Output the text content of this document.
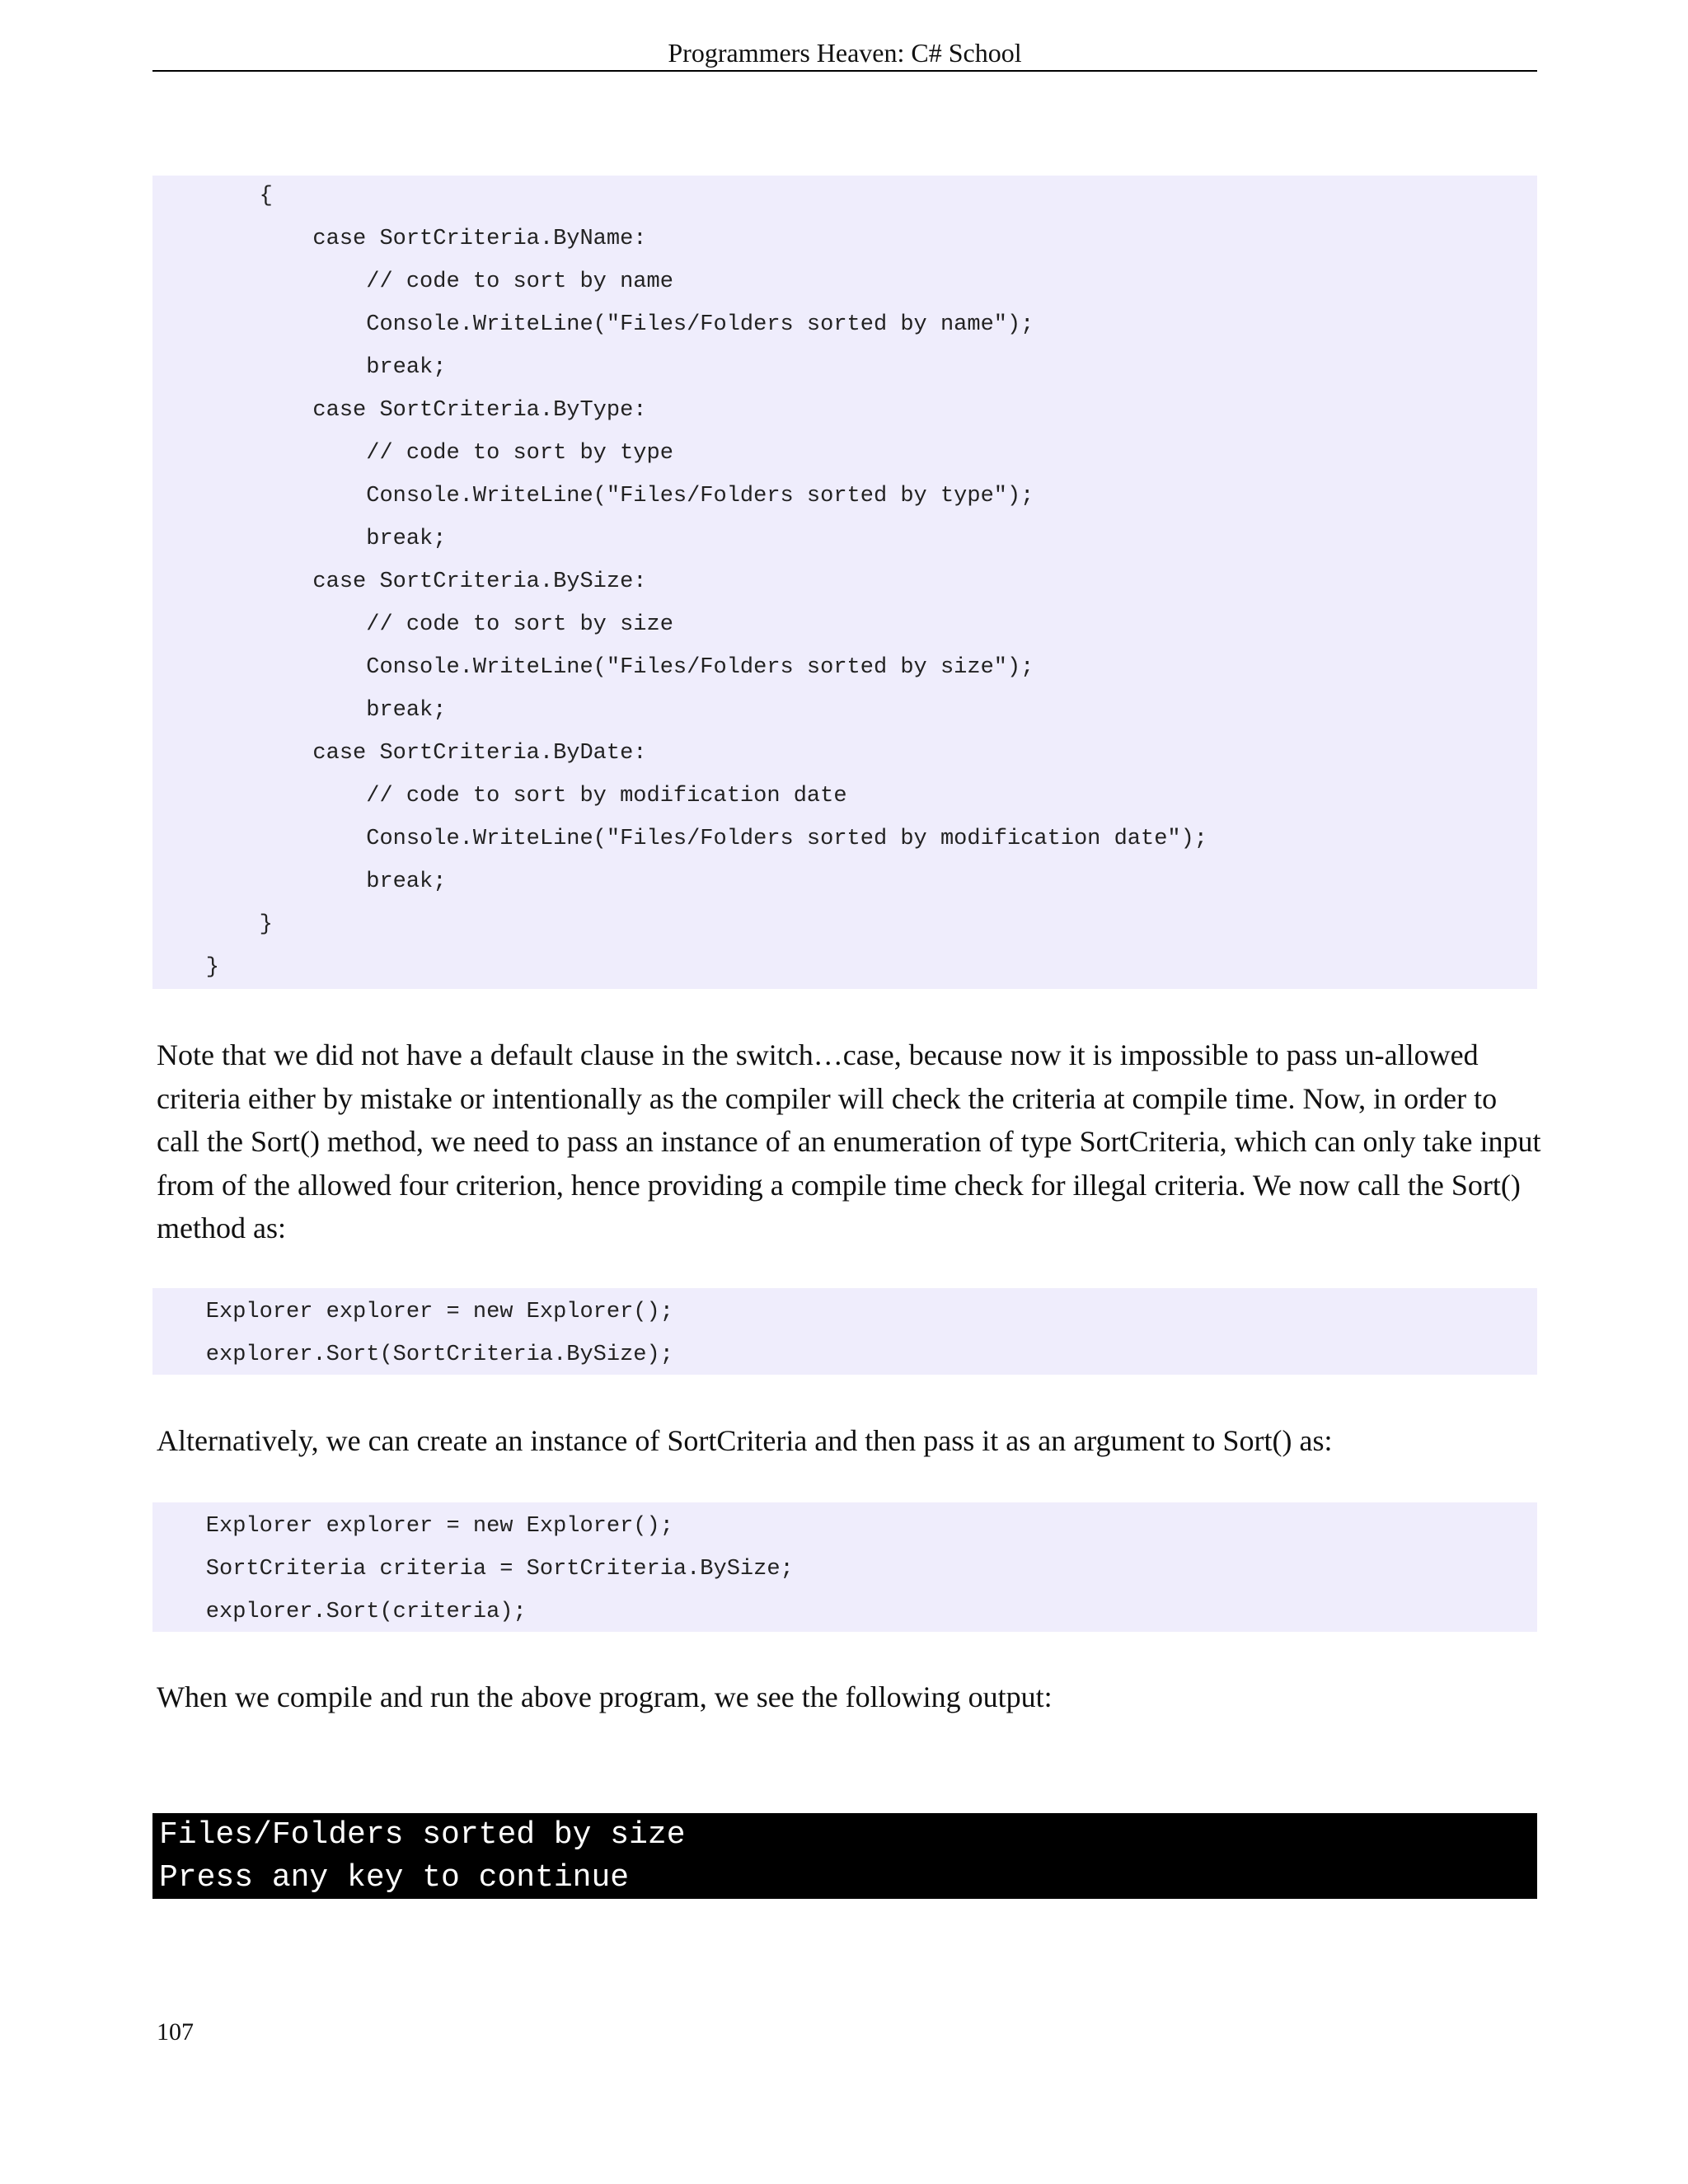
Programmers Heaven: C# School
{
case SortCriteria.ByName:
// code to sort by name
Console.WriteLine("Files/Folders sorted by name");
break;
case SortCriteria.ByType:
// code to sort by type
Console.WriteLine("Files/Folders sorted by type");
break;
case SortCriteria.BySize:
// code to sort by size
Console.WriteLine("Files/Folders sorted by size");
break;
case SortCriteria.ByDate:
// code to sort by modification date
Console.WriteLine("Files/Folders sorted by modification date");
break;
}
}

Note that we did not have a default clause in the switch…case, because now it is impossible to pass un-allowed criteria either by mistake or intentionally as the compiler will check the criteria at compile time. Now, in order to call the Sort() method, we need to pass an instance of an enumeration of type SortCriteria, which can only take input from of the allowed four criterion, hence providing a compile time check for illegal criteria. We now call the Sort() method as:

Explorer explorer = new Explorer();
explorer.Sort(SortCriteria.BySize);

Alternatively, we can create an instance of SortCriteria and then pass it as an argument to Sort() as:

Explorer explorer = new Explorer();
SortCriteria criteria = SortCriteria.BySize;
explorer.Sort(criteria);

When we compile and run the above program, we see the following output:

Files/Folders sorted by size
Press any key to continue
107
